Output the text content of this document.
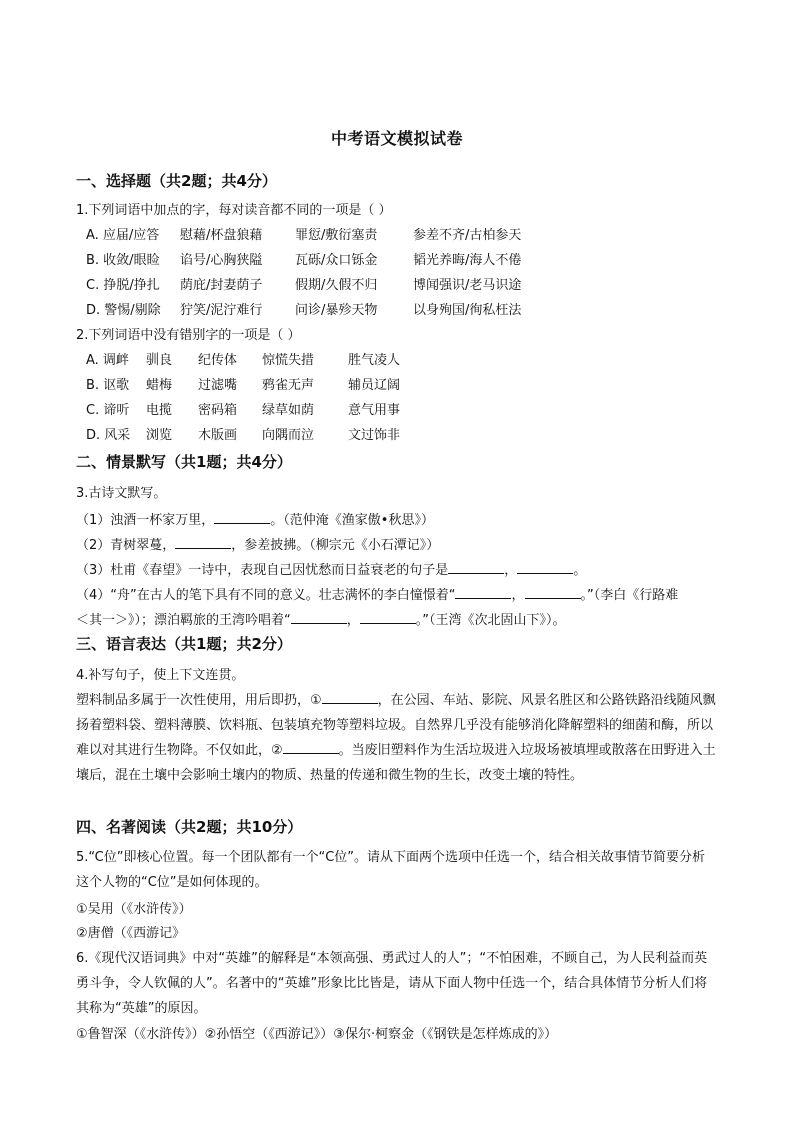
中考语文模拟试卷
一、选择题（共2题；共4分）
1.下列词语中加点的字，每对读音都不同的一项是（ ）
A. 应届/应答 慰藉/杯盘狼藉	罪愆/敷衍塞责	参差不齐/古柏参天
B. 收敛/眼睑 谄号/心胸狭隘	瓦砾/众口铄金	韬光养晦/海人不倦
C. 挣脱/挣扎 荫庇/封妻荫子	假期/久假不归	博闻强识/老马识途
D. 警惕/剔除 狞笑/泥泞难行	问诊/暴殄天物	以身殉国/徇私枉法
2.下列词语中没有错别字的一项是（ ）
A. 调衅 驯良 纪传体 惊慌失措	胜气凌人
B. 讴歌 蜡梅 过滤嘴 鸦雀无声	辅员辽阔
C. 谛听 电揽 密码箱 绿草如荫	意气用事
D. 风采 浏览 木版画 向隅而泣	文过饰非
二、情景默写（共1题；共4分）
3.古诗文默写。
（1）浊酒一杯家万里，	。（范仲淹《渔家傲•秋思》）
（2）青树翠蔓，	，参差披拂。（柳宗元《小石潭记》）
（3）杜甫《春望》一诗中，表现自己因忧愁而日益衰老的句子是	，	。
（4）“舟”在古人的笔下具有不同的意义。壮志满怀的李白憧憬着“	，	。”（李白《行路难
＜其一＞》）；漂泊羁旅的王湾吟唱着“	，	。”（王湾《次北固山下》）。
三、语言表达（共1题；共2分）
4.补写句子，使上下文连贯。
塑料制品多属于一次性使用，用后即扔，①	，在公园、车站、影院、风景名胜区和公路铁路沿线随风飘扬着塑料袋、塑料薄膜、饮料瓶、包装填充物等塑料垃圾。自然界几乎没有能够消化降解塑料的细菌和酶，所以难以对其进行生物降。不仅如此，②	。当废旧塑料作为生活垃圾进入垃圾场被填埋或散落在田野进入土壤后，混在土壤中会影响土壤内的物质、热量的传递和微生物的生长，改变土壤的特性。
四、名著阅读（共2题；共10分）
5.“C位”即核心位置。每一个团队都有一个“C位”。请从下面两个选项中任选一个，结合相关故事情节简要分析这个人物的“C位”是如何体现的。
①吴用（《水浒传》）
②唐僧（《西游记》
6.《现代汉语词典》中对“英雄”的解释是“本领高强、勇武过人的人”；“不怕困难，不顾自己，为人民利益而英勇斗争，令人钦佩的人”。名著中的“英雄”形象比比皆是，请从下面人物中任选一个，结合具体情节分析人们将其称为“英雄”的原因。
①鲁智深（《水浒传》）②孙悟空（《西游记》）③保尔·柯察金（《钢铁是怎样炼成的》）
